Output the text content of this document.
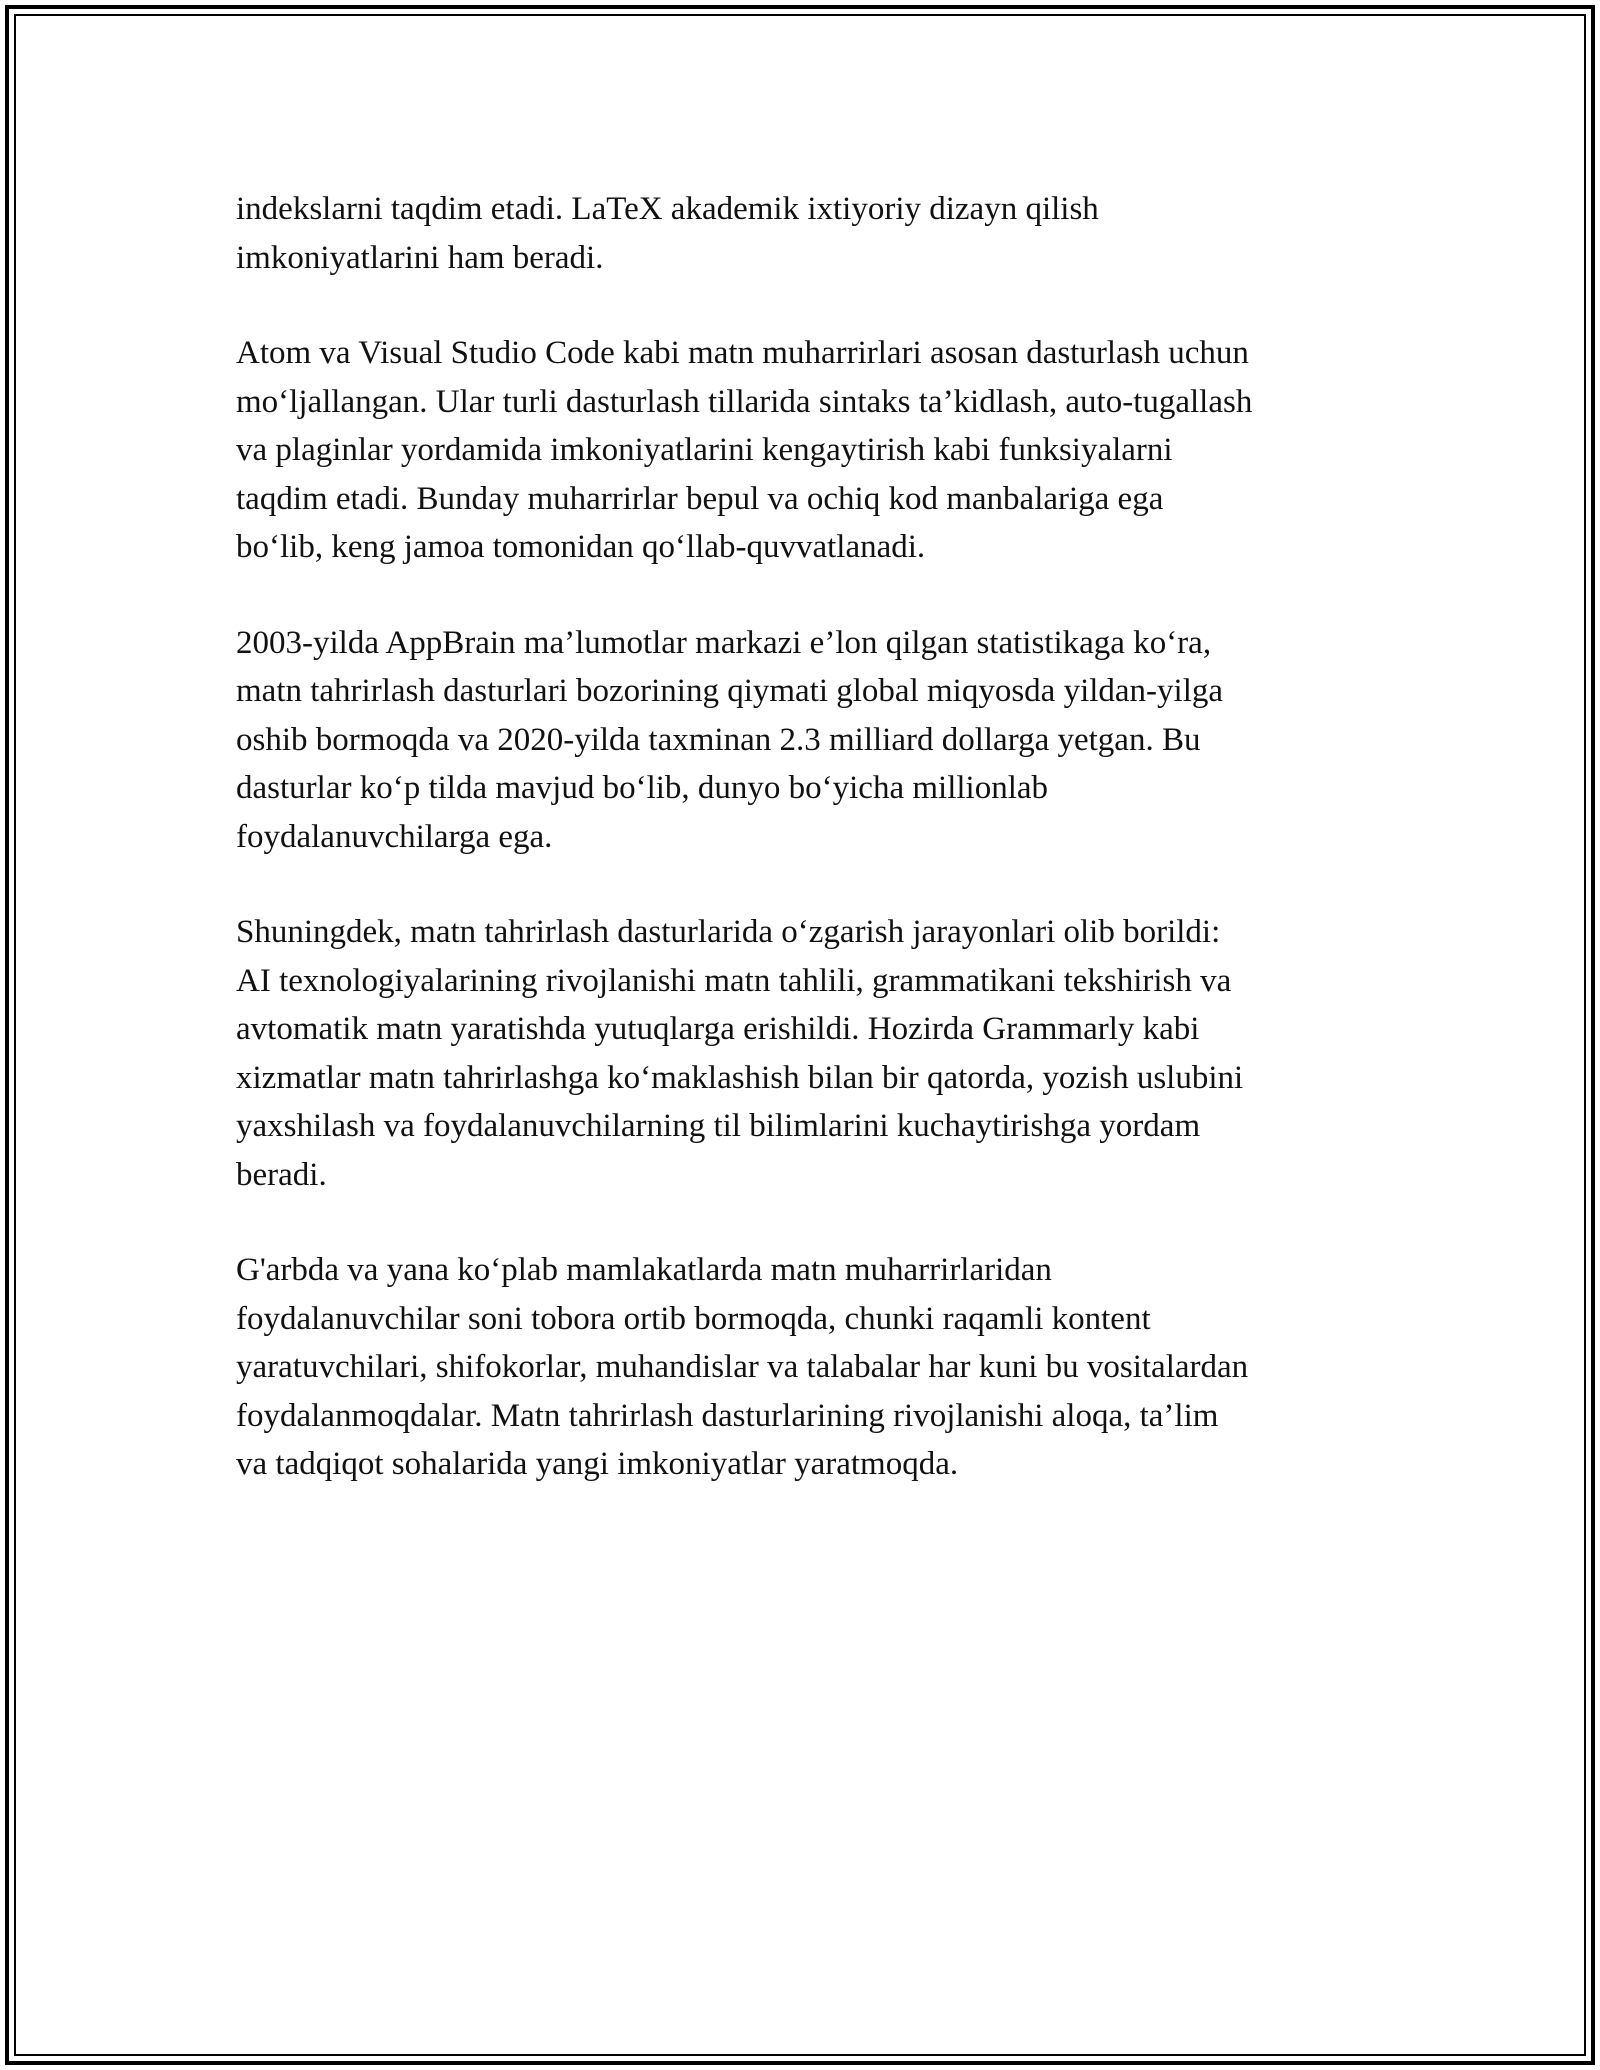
indekslarni taqdim etadi. LaTeX akademik ixtiyoriy dizayn qilish
imkoniyatlarini ham beradi.

Atom va Visual Studio Code kabi matn muharrirlari asosan dasturlash uchun
mo‘ljallangan. Ular turli dasturlash tillarida sintaks ta’kidlash, auto-tugallash
va plaginlar yordamida imkoniyatlarini kengaytirish kabi funksiyalarni
taqdim etadi. Bunday muharrirlar bepul va ochiq kod manbalariga ega
bo‘lib, keng jamoa tomonidan qo‘llab-quvvatlanadi.

2003-yilda AppBrain ma’lumotlar markazi e’lon qilgan statistikaga ko‘ra,
matn tahrirlash dasturlari bozorining qiymati global miqyosda yildan-yilga
oshib bormoqda va 2020-yilda taxminan 2.3 milliard dollarga yetgan. Bu
dasturlar ko‘p tilda mavjud bo‘lib, dunyo bo‘yicha millionlab
foydalanuvchilarga ega.

Shuningdek, matn tahrirlash dasturlarida o‘zgarish jarayonlari olib borildi:
AI texnologiyalarining rivojlanishi matn tahlili, grammatikani tekshirish va
avtomatik matn yaratishda yutuqlarga erishildi. Hozirda Grammarly kabi
xizmatlar matn tahrirlashga ko‘maklashish bilan bir qatorda, yozish uslubini
yaxshilash va foydalanuvchilarning til bilimlarini kuchaytirishga yordam
beradi.

G'arbda va yana ko‘plab mamlakatlarda matn muharrirlaridan
foydalanuvchilar soni tobora ortib bormoqda, chunki raqamli kontent
yaratuvchilari, shifokorlar, muhandislar va talabalar har kuni bu vositalardan
foydalanmoqdalar. Matn tahrirlash dasturlarining rivojlanishi aloqa, ta’lim
va tadqiqot sohalarida yangi imkoniyatlar yaratmoqda.
